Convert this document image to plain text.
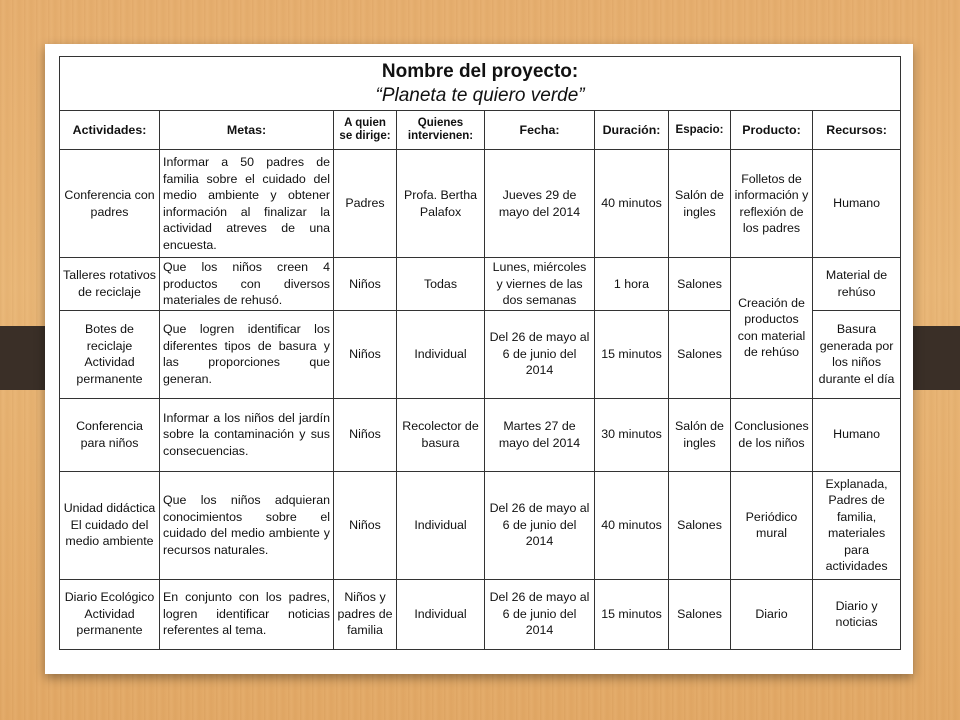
Nombre del proyecto:
“Planeta te quiero verde”								

Actividades:	Metas:	A quien se dirige:	Quienes intervienen:	Fecha:	Duración:	Espacio:	Producto:	Recursos:
Conferencia con padres	Informar a 50 padres de familia sobre el cuidado del medio ambiente y obtener información al finalizar la actividad atreves de una encuesta.	Padres	Profa. Bertha Palafox	Jueves 29 de mayo del 2014	40 minutos	Salón de ingles	Folletos de información y reflexión de los padres	Humano
Talleres rotativos de reciclaje	Que los niños creen 4 productos con diversos materiales de rehusó.	Niños	Todas	Lunes, miércoles y viernes de las dos semanas	1 hora	Salones	Creación de productos con material de rehúso	Material de rehúso
Botes de reciclaje Actividad permanente	Que logren identificar los diferentes tipos de basura y las proporciones que generan.	Niños	Individual	Del 26 de mayo al 6 de junio del 2014	15 minutos	Salones		Basura generada por los niños durante el día
Conferencia para niños	Informar a los niños del jardín sobre la contaminación y sus consecuencias.	Niños	Recolector de basura	Martes 27 de mayo del 2014	30 minutos	Salón de ingles	Conclusiones de los niños	Humano
Unidad didáctica El cuidado del medio ambiente	Que los niños adquieran conocimientos sobre el cuidado del medio ambiente y recursos naturales.	Niños	Individual	Del 26 de mayo al 6 de junio del 2014	40 minutos	Salones	Periódico mural	Explanada, Padres de familia, materiales para actividades
Diario Ecológico Actividad permanente	En conjunto con los padres, logren identificar noticias referentes al tema.	Niños y padres de familia	Individual	Del 26 de mayo al 6 de junio del 2014	15 minutos	Salones	Diario	Diario y noticias
